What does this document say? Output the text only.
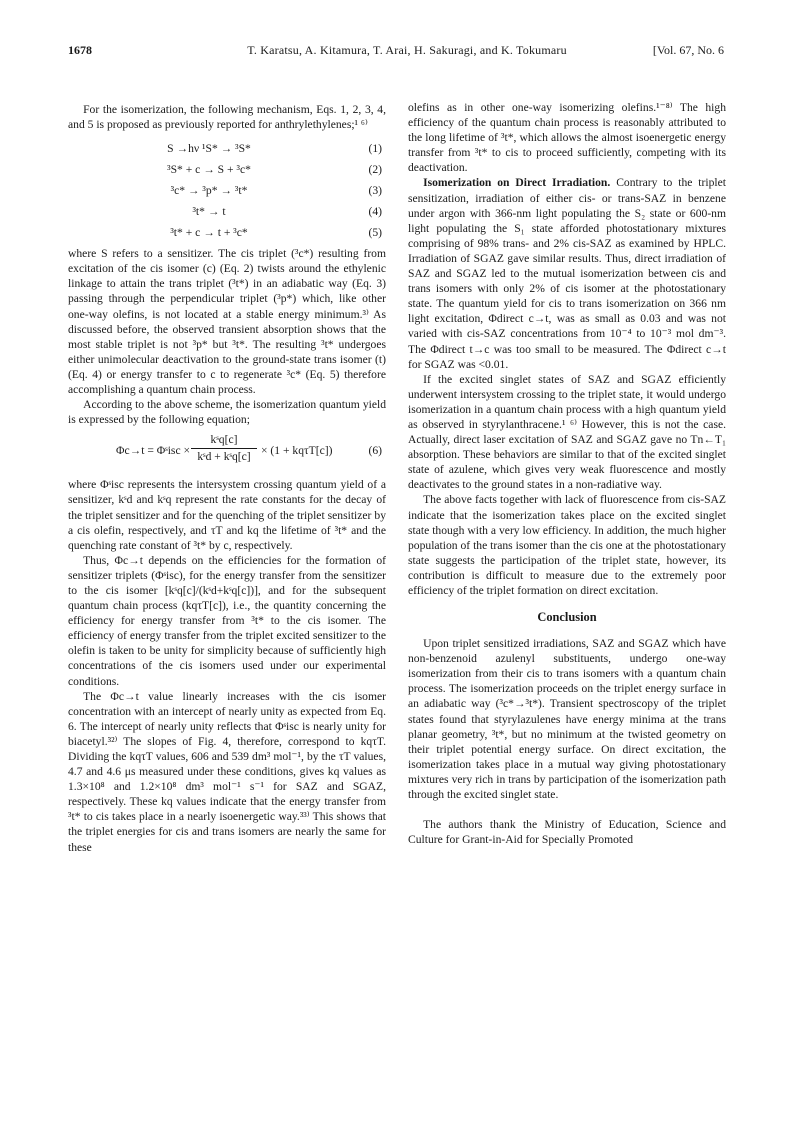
1678	T. Karatsu, A. Kitamura, T. Arai, H. Sakuragi, and K. Tokumaru	[Vol. 67, No. 6

For the isomerization, the following mechanism, Eqs. 1, 2, 3, 4, and 5 is proposed as previously reported for anthrylethylenes;¹ ⁶⁾

S →hν ¹S* → ³S*	(1)
³S* + c → S + ³c*	(2)
³c* → ³p* → ³t*	(3)
³t* → t	(4)
³t* + c → t + ³c*	(5)

where S refers to a sensitizer. The cis triplet (³c*) resulting from excitation of the cis isomer (c) (Eq. 2) twists around the ethylenic linkage to attain the trans triplet (³t*) in an adiabatic way (Eq. 3) passing through the perpendicular triplet (³p*) which, like other one-way olefins, is not located at a stable energy minimum.³⁾ As discussed before, the observed transient absorption shows that the most stable triplet is not ³p* but ³t*. The resulting ³t* undergoes either unimolecular deactivation to the ground-state trans isomer (t) (Eq. 4) or energy transfer to c to regenerate ³c* (Eq. 5) therefore accomplishing a quantum chain process.

According to the above scheme, the isomerization quantum yield is expressed by the following equation;

Φc→t = Φˢisc ×
kˢq[c]
kˢd + kˢq[c] × (1 + kqτT[c])	(6)

where Φˢisc represents the intersystem crossing quantum yield of a sensitizer, kˢd and kˢq represent the rate constants for the decay of the triplet sensitizer and for the quenching of the triplet sensitizer by a cis olefin, respectively, and τT and kq the lifetime of ³t* and the quenching rate constant of ³t* by c, respectively.

Thus, Φc→t depends on the efficiencies for the formation of sensitizer triplets (Φˢisc), for the energy transfer from the sensitizer to the cis isomer [kˢq[c]/(kˢd+kˢq[c])], and for the subsequent quantum chain process (kqτT[c]), i.e., the quantity concerning the efficiency for energy transfer from ³t* to the cis isomer. The efficiency of energy transfer from the triplet excited sensitizer to the olefin is taken to be unity for simplicity because of sufficiently high concentrations of the cis isomers used under our experimental conditions.

The Φc→t value linearly increases with the cis isomer concentration with an intercept of nearly unity as expected from Eq. 6. The intercept of nearly unity reflects that Φˢisc is nearly unity for biacetyl.³²⁾ The slopes of Fig. 4, therefore, correspond to kqτT. Dividing the kqτT values, 606 and 539 dm³ mol⁻¹, by the τT values, 4.7 and 4.6 μs measured under these conditions, gives kq values as 1.3×10⁸ and 1.2×10⁸ dm³ mol⁻¹ s⁻¹ for SAZ and SGAZ, respectively. These kq values indicate that the energy transfer from ³t* to cis takes place in a nearly isoenergetic way.³³⁾ This shows that the triplet energies for cis and trans isomers are nearly the same for these

olefins as in other one-way isomerizing olefins.¹⁻⁸⁾ The high efficiency of the quantum chain process is reasonably attributed to the long lifetime of ³t*, which allows the almost isoenergetic energy transfer from ³t* to cis to proceed sufficiently, competing with its deactivation.

Isomerization on Direct Irradiation. Contrary to the triplet sensitization, irradiation of either cis- or trans-SAZ in benzene under argon with 366-nm light populating the S₂ state or 600-nm light populating the S₁ state afforded photostationary mixtures comprising of 98% trans- and 2% cis-SAZ as examined by HPLC. Irradiation of SGAZ gave similar results. Thus, direct irradiation of SAZ and SGAZ led to the mutual isomerization between cis and trans isomers with only 2% of cis isomer at the photostationary state. The quantum yield for cis to trans isomerization on 366 nm light excitation, Φdirect c→t, was as small as 0.03 and was not varied with cis-SAZ concentrations from 10⁻⁴ to 10⁻³ mol dm⁻³. The Φdirect t→c was too small to be measured. The Φdirect c→t for SGAZ was <0.01.

If the excited singlet states of SAZ and SGAZ efficiently underwent intersystem crossing to the triplet state, it would undergo isomerization in a quantum chain process with a high quantum yield as observed in styrylanthracene.¹ ⁶⁾ However, this is not the case. Actually, direct laser excitation of SAZ and SGAZ gave no Tn←T₁ absorption. These behaviors are similar to that of the excited singlet state of azulene, which gives very weak fluorescence and mostly deactivates to the ground states in a non-radiative way.

The above facts together with lack of fluorescence from cis-SAZ indicate that the isomerization takes place on the excited singlet state though with a very low efficiency. In addition, the much higher population of the trans isomer than the cis one at the photostationary state suggests the participation of the triplet state, however, its contribution is difficult to measure due to the extremely poor efficiency of the triplet formation on direct excitation.

Conclusion

Upon triplet sensitized irradiations, SAZ and SGAZ which have non-benzenoid azulenyl substituents, undergo one-way isomerization from their cis to trans isomers with a quantum chain process. The isomerization proceeds on the triplet energy surface in an adiabatic way (³c*→³t*). Transient spectroscopy of the triplet states found that styrylazulenes have energy minima at the trans planar geometry, ³t*, but no minimum at the twisted geometry on their triplet potential energy surface. On direct excitation, the isomerization takes place in a mutual way giving photostationary mixtures very rich in trans by participation of the isomerization path through the excited singlet state.

The authors thank the Ministry of Education, Science and Culture for Grant-in-Aid for Specially Promoted
